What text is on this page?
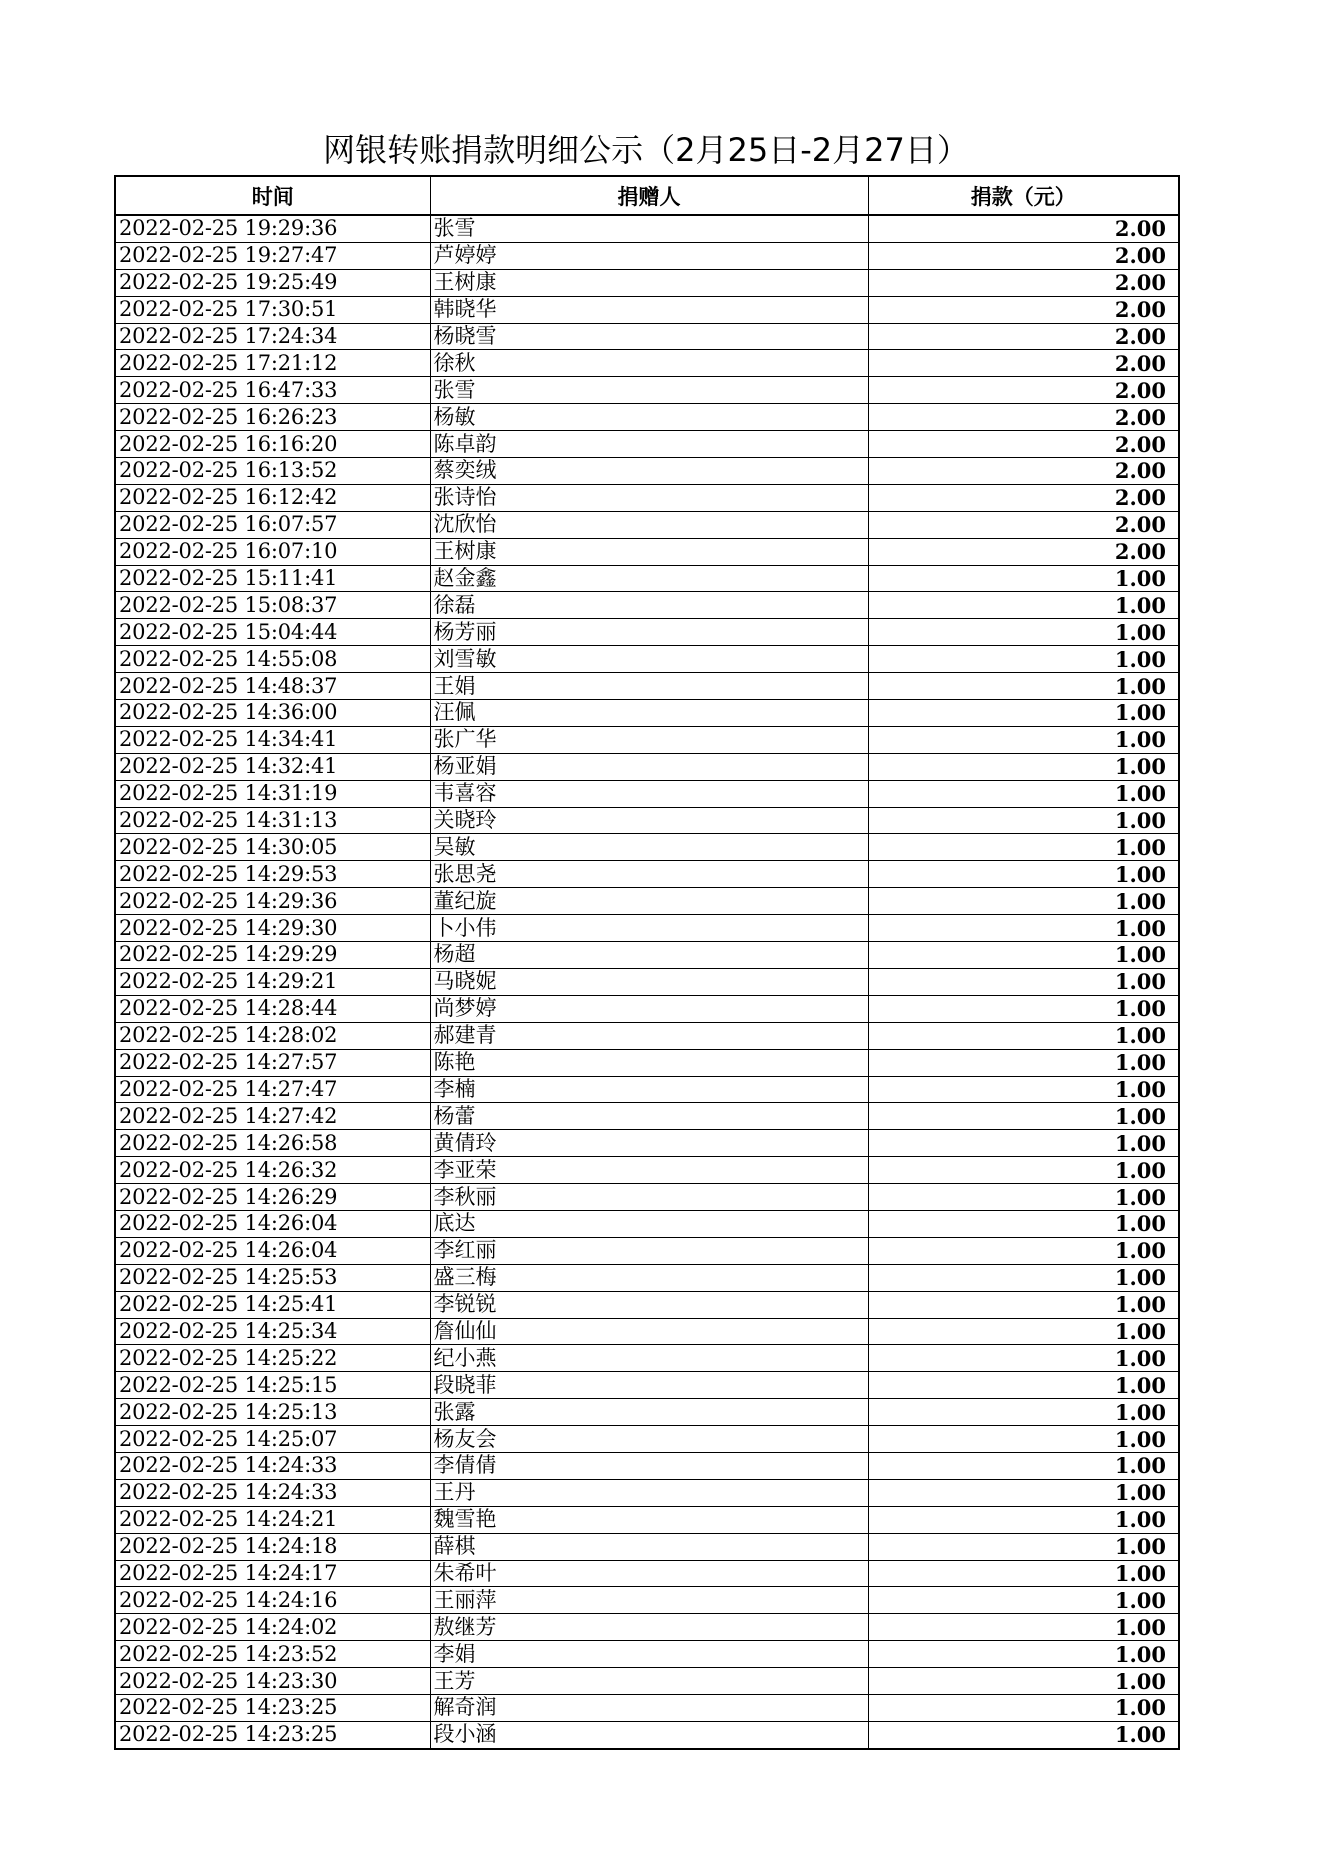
网银转账捐款明细公示（2月25日-2月27日）
时间	捐赠人	捐款（元）
2022-02-25 19:29:36	张雪	2.00
2022-02-25 19:27:47	芦婷婷	2.00
2022-02-25 19:25:49	王树康	2.00
2022-02-25 17:30:51	韩晓华	2.00
2022-02-25 17:24:34	杨晓雪	2.00
2022-02-25 17:21:12	徐秋	2.00
2022-02-25 16:47:33	张雪	2.00
2022-02-25 16:26:23	杨敏	2.00
2022-02-25 16:16:20	陈卓韵	2.00
2022-02-25 16:13:52	蔡奕绒	2.00
2022-02-25 16:12:42	张诗怡	2.00
2022-02-25 16:07:57	沈欣怡	2.00
2022-02-25 16:07:10	王树康	2.00
2022-02-25 15:11:41	赵金鑫	1.00
2022-02-25 15:08:37	徐磊	1.00
2022-02-25 15:04:44	杨芳丽	1.00
2022-02-25 14:55:08	刘雪敏	1.00
2022-02-25 14:48:37	王娟	1.00
2022-02-25 14:36:00	汪佩	1.00
2022-02-25 14:34:41	张广华	1.00
2022-02-25 14:32:41	杨亚娟	1.00
2022-02-25 14:31:19	韦喜容	1.00
2022-02-25 14:31:13	关晓玲	1.00
2022-02-25 14:30:05	吴敏	1.00
2022-02-25 14:29:53	张思尧	1.00
2022-02-25 14:29:36	董纪旋	1.00
2022-02-25 14:29:30	卜小伟	1.00
2022-02-25 14:29:29	杨超	1.00
2022-02-25 14:29:21	马晓妮	1.00
2022-02-25 14:28:44	尚梦婷	1.00
2022-02-25 14:28:02	郝建青	1.00
2022-02-25 14:27:57	陈艳	1.00
2022-02-25 14:27:47	李楠	1.00
2022-02-25 14:27:42	杨蕾	1.00
2022-02-25 14:26:58	黄倩玲	1.00
2022-02-25 14:26:32	李亚荣	1.00
2022-02-25 14:26:29	李秋丽	1.00
2022-02-25 14:26:04	底达	1.00
2022-02-25 14:26:04	李红丽	1.00
2022-02-25 14:25:53	盛三梅	1.00
2022-02-25 14:25:41	李锐锐	1.00
2022-02-25 14:25:34	詹仙仙	1.00
2022-02-25 14:25:22	纪小燕	1.00
2022-02-25 14:25:15	段晓菲	1.00
2022-02-25 14:25:13	张露	1.00
2022-02-25 14:25:07	杨友会	1.00
2022-02-25 14:24:33	李倩倩	1.00
2022-02-25 14:24:33	王丹	1.00
2022-02-25 14:24:21	魏雪艳	1.00
2022-02-25 14:24:18	薛棋	1.00
2022-02-25 14:24:17	朱希叶	1.00
2022-02-25 14:24:16	王丽萍	1.00
2022-02-25 14:24:02	敖继芳	1.00
2022-02-25 14:23:52	李娟	1.00
2022-02-25 14:23:30	王芳	1.00
2022-02-25 14:23:25	解奇润	1.00
2022-02-25 14:23:25	段小涵	1.00
